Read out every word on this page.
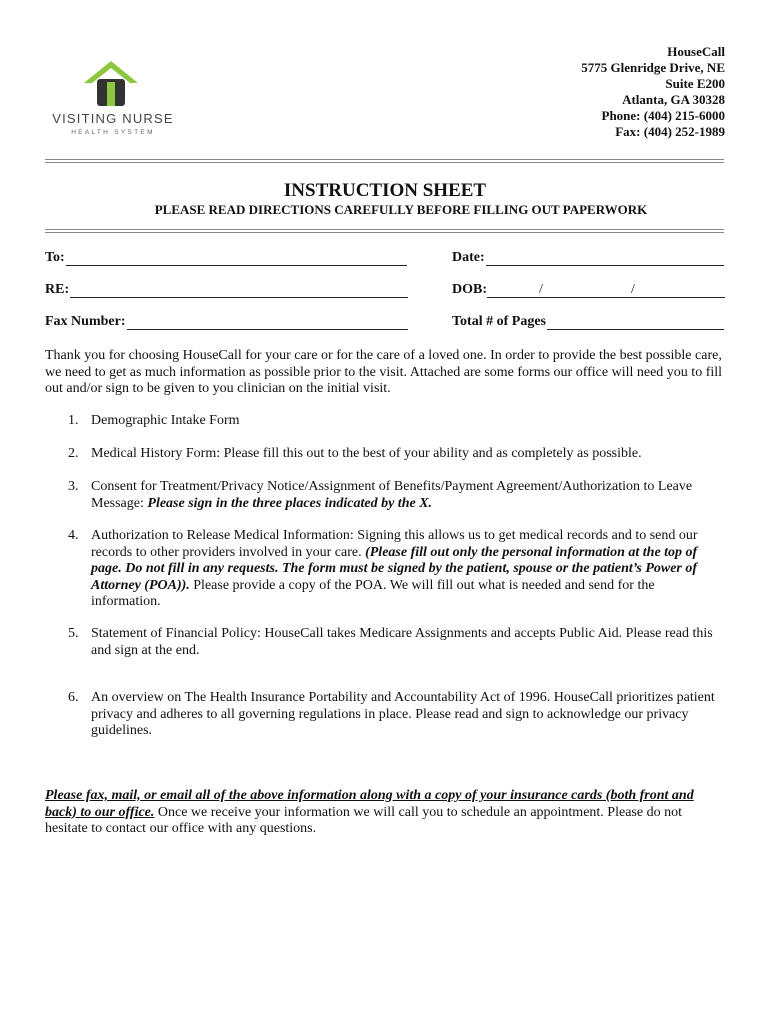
VISITING NURSE
HEALTH SYSTEM
HouseCall
5775 Glenridge Drive, NE
Suite E200
Atlanta, GA 30328
Phone: (404) 215-6000
Fax: (404) 252-1989
INSTRUCTION SHEET
PLEASE READ DIRECTIONS CAREFULLY BEFORE FILLING OUT PAPERWORK
To:	Date:
RE:	DOB:	/	/
Fax Number:	Total # of Pages
Thank you for choosing HouseCall for your care or for the care of a loved one. In order to provide the best possible care, we need to get as much information as possible prior to the visit. Attached are some forms our office will need you to fill out and/or sign to be given to you clinician on the initial visit.
1. Demographic Intake Form
2. Medical History Form: Please fill this out to the best of your ability and as completely as possible.
3. Consent for Treatment/Privacy Notice/Assignment of Benefits/Payment Agreement/Authorization to Leave Message: Please sign in the three places indicated by the X.
4. Authorization to Release Medical Information: Signing this allows us to get medical records and to send our records to other providers involved in your care. (Please fill out only the personal information at the top of page. Do not fill in any requests. The form must be signed by the patient, spouse or the patient’s Power of Attorney (POA)). Please provide a copy of the POA. We will fill out what is needed and send for the information.
5. Statement of Financial Policy: HouseCall takes Medicare Assignments and accepts Public Aid. Please read this and sign at the end.
6. An overview on The Health Insurance Portability and Accountability Act of 1996. HouseCall prioritizes patient privacy and adheres to all governing regulations in place. Please read and sign to acknowledge our privacy guidelines.
Please fax, mail, or email all of the above information along with a copy of your insurance cards (both front and back) to our office. Once we receive your information we will call you to schedule an appointment. Please do not hesitate to contact our office with any questions.
